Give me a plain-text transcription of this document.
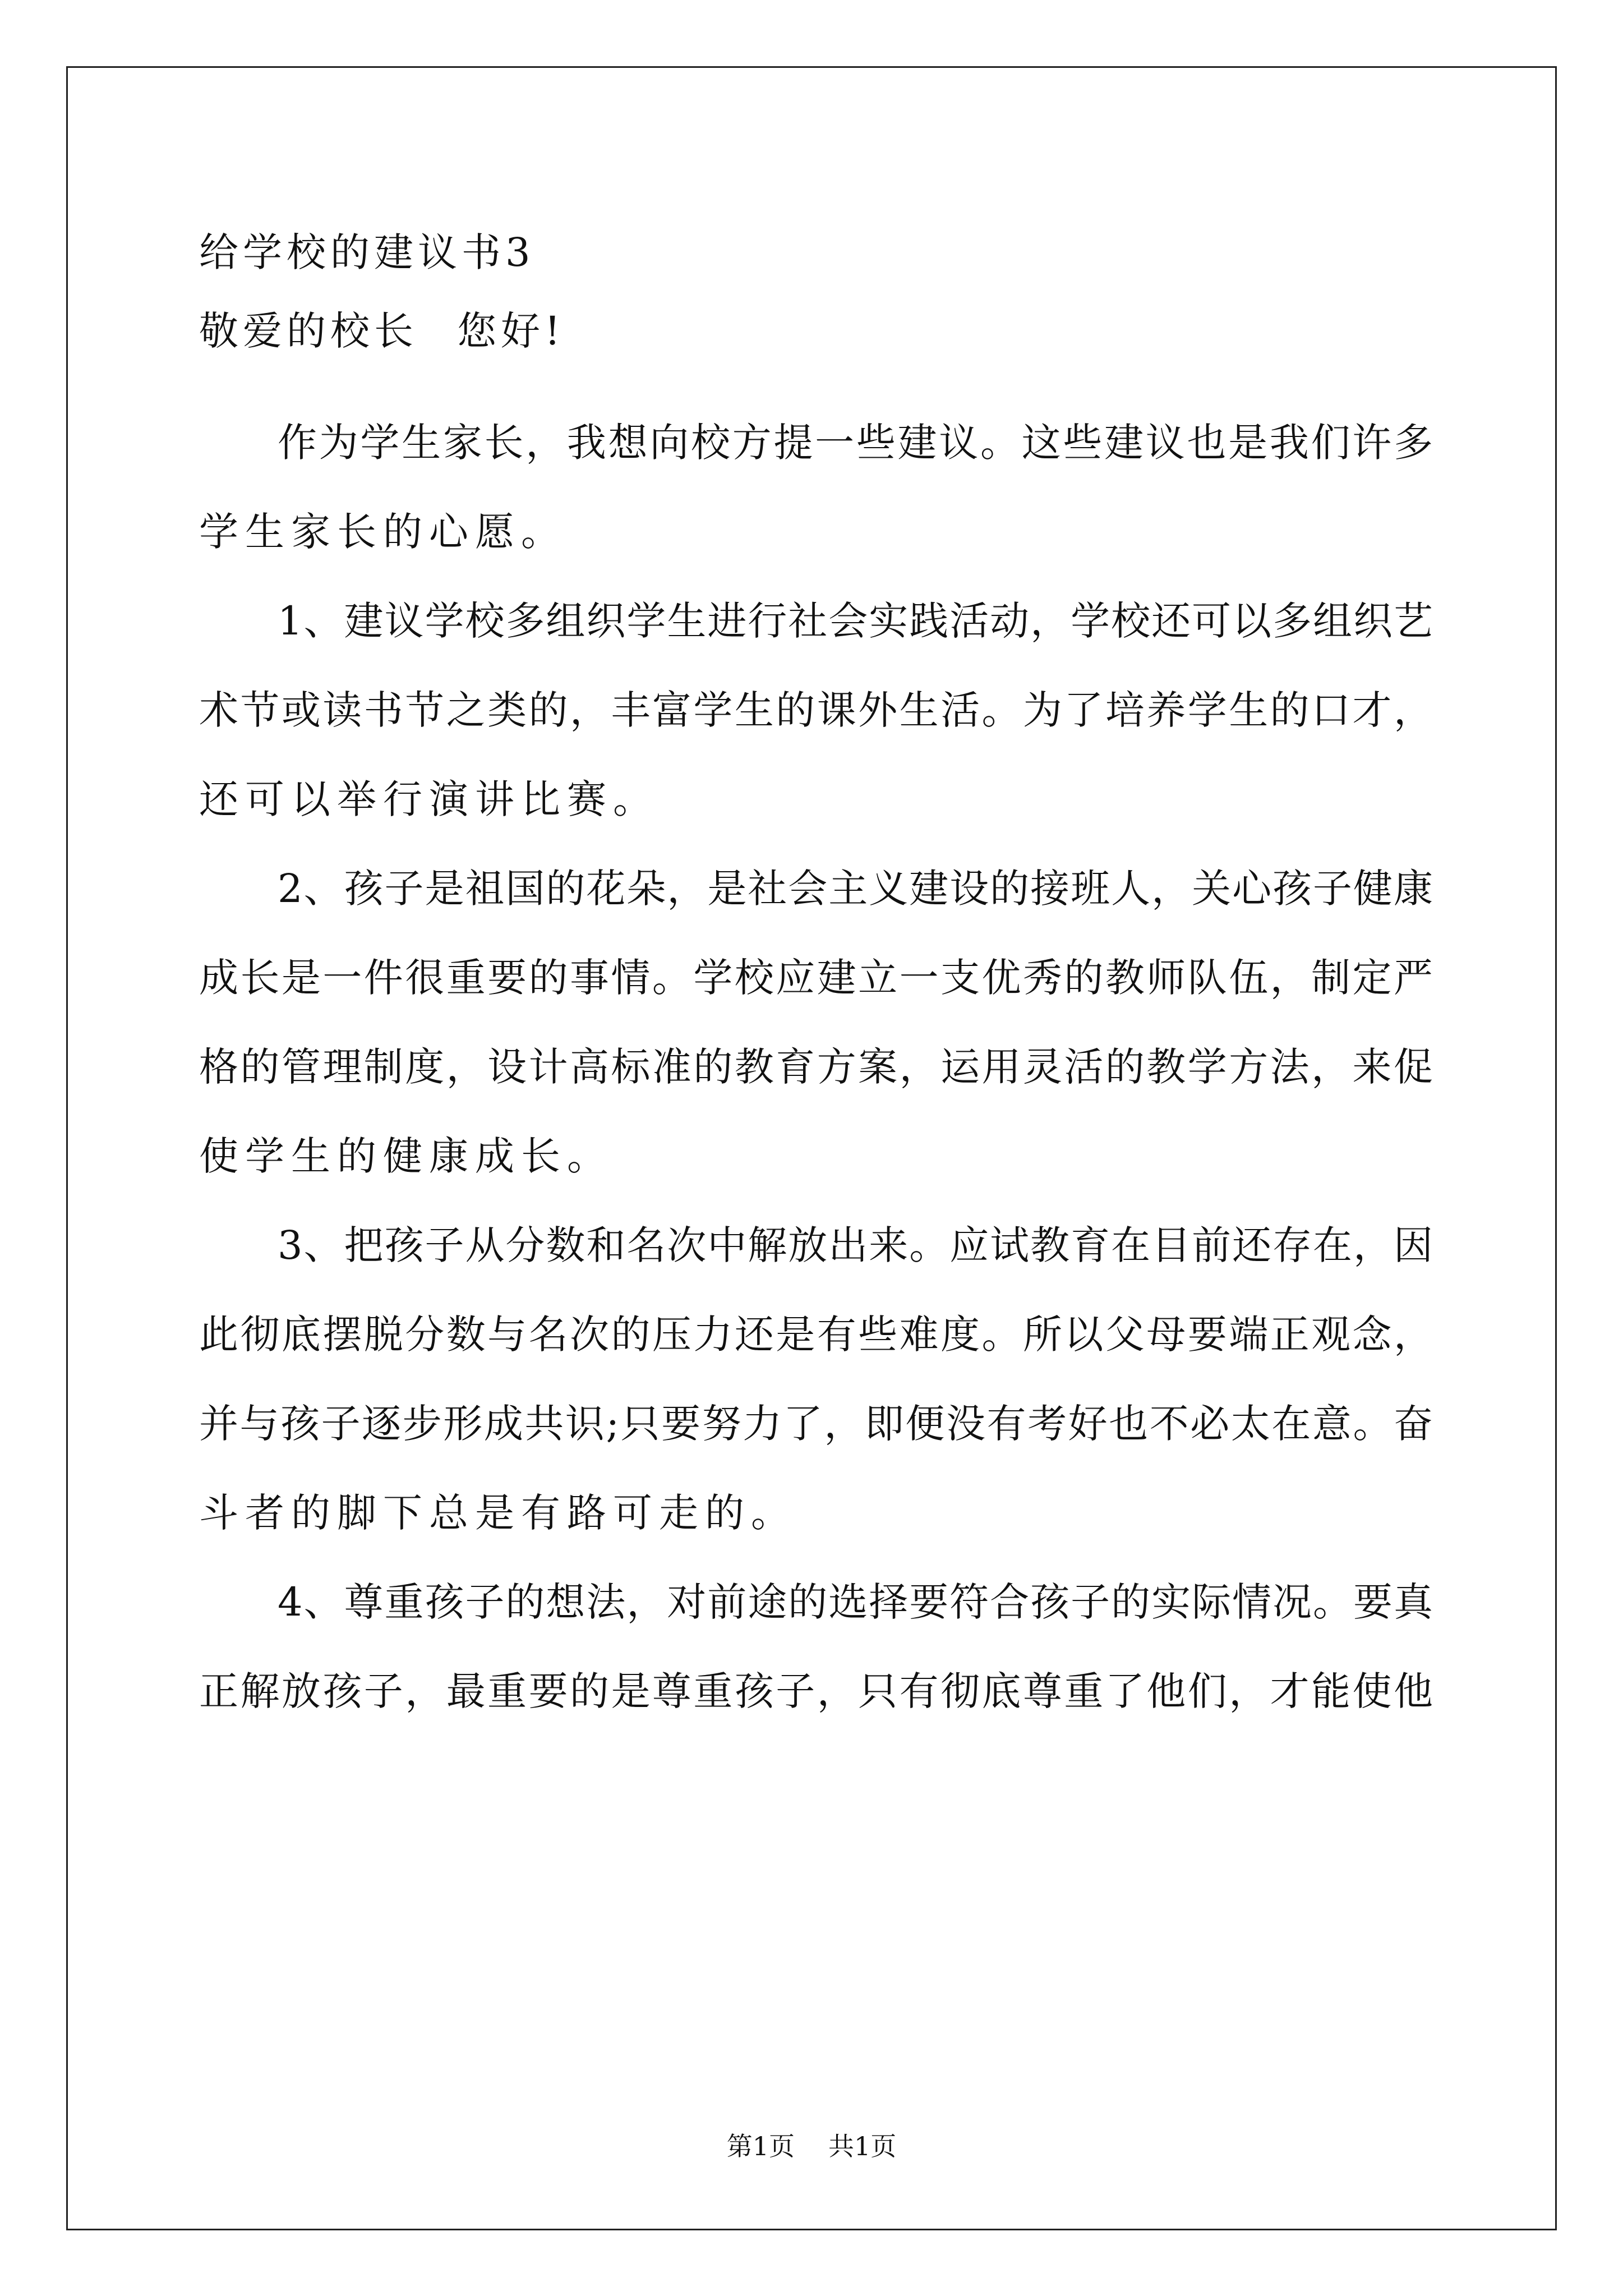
给学校的建议书3
敬爱的校长 您好!
作为学生家长，我想向校方提一些建议。这些建议也是我们许多
学生家长的心愿。
1、建议学校多组织学生进行社会实践活动，学校还可以多组织艺
术节或读书节之类的，丰富学生的课外生活。为了培养学生的口才，
还可以举行演讲比赛。
2、孩子是祖国的花朵，是社会主义建设的接班人，关心孩子健康
成长是一件很重要的事情。学校应建立一支优秀的教师队伍，制定严
格的管理制度，设计高标准的教育方案，运用灵活的教学方法，来促
使学生的健康成长。
3、把孩子从分数和名次中解放出来。应试教育在目前还存在，因
此彻底摆脱分数与名次的压力还是有些难度。所以父母要端正观念，
并与孩子逐步形成共识;只要努力了，即便没有考好也不必太在意。奋
斗者的脚下总是有路可走的。
4、尊重孩子的想法，对前途的选择要符合孩子的实际情况。要真
正解放孩子，最重要的是尊重孩子，只有彻底尊重了他们，才能使他
第1页 共1页
